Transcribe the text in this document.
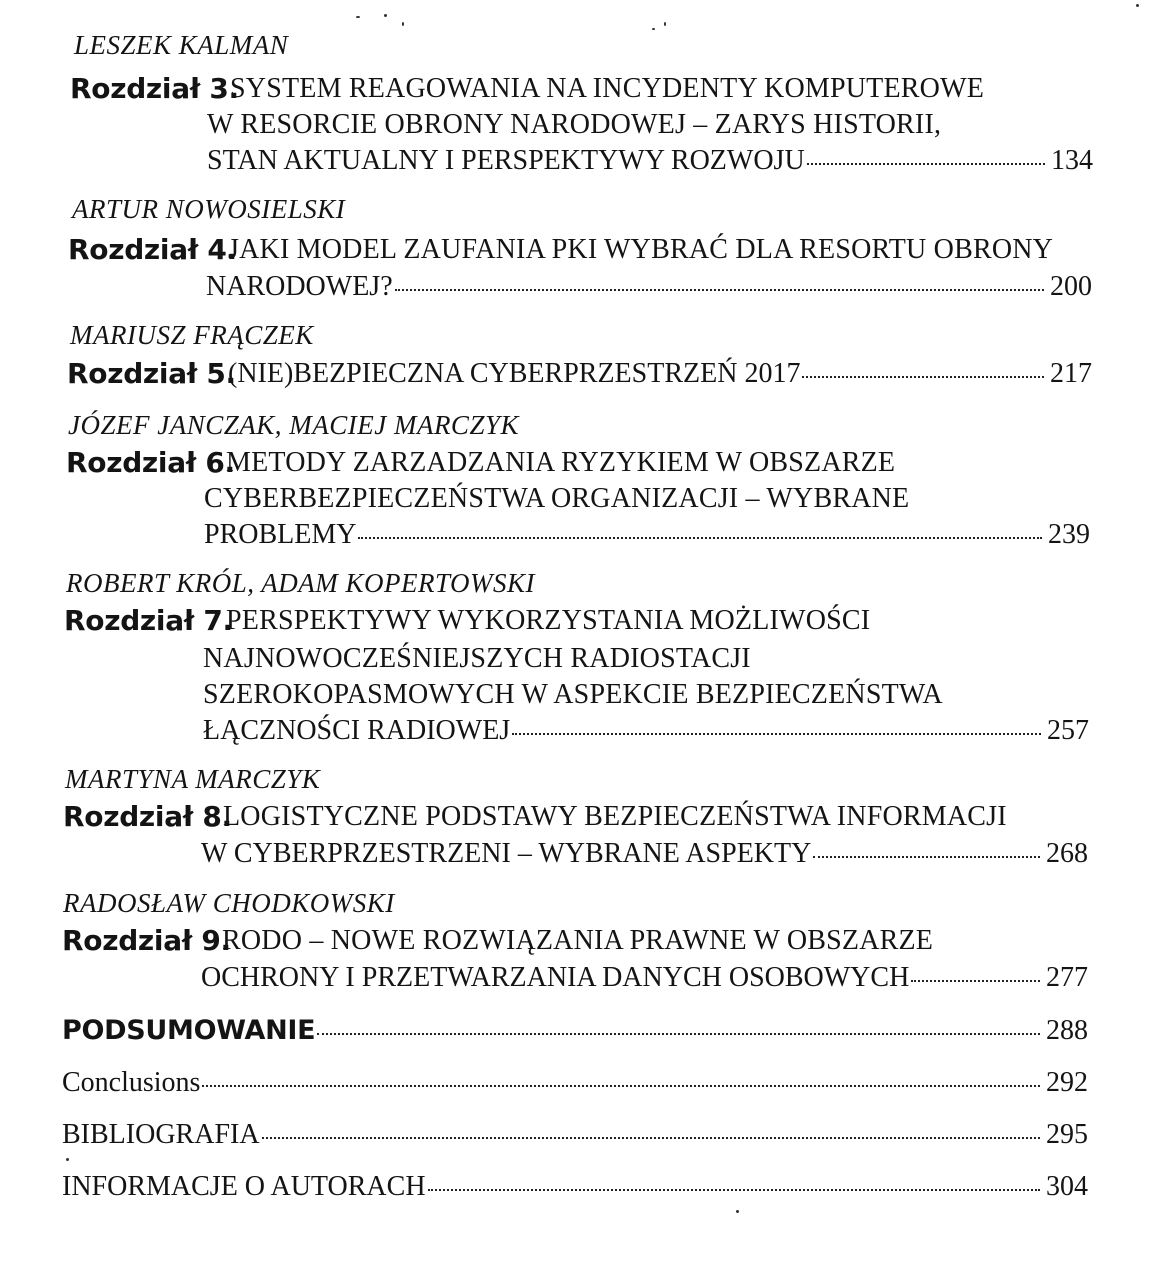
LESZEK KALMAN
Rozdział 3.
SYSTEM REAGOWANIA NA INCYDENTY KOMPUTEROWE
W RESORCIE OBRONY NARODOWEJ – ZARYS HISTORII,
STAN AKTUALNY I PERSPEKTYWY ROZWOJU	134
ARTUR NOWOSIELSKI
Rozdział 4.
JAKI MODEL ZAUFANIA PKI WYBRAĆ DLA RESORTU OBRONY
NARODOWEJ?	200
MARIUSZ FRĄCZEK
Rozdział 5.
(NIE)BEZPIECZNA CYBERPRZESTRZEŃ 2017	217
JÓZEF JANCZAK, MACIEJ MARCZYK
Rozdział 6.
METODY ZARZADZANIA RYZYKIEM W OBSZARZE
CYBERBEZPIECZEŃSTWA ORGANIZACJI – WYBRANE
PROBLEMY	239
ROBERT KRÓL, ADAM KOPERTOWSKI
Rozdział 7.
PERSPEKTYWY WYKORZYSTANIA MOŻLIWOŚCI
NAJNOWOCZEŚNIEJSZYCH RADIOSTACJI
SZEROKOPASMOWYCH W ASPEKCIE BEZPIECZEŃSTWA
ŁĄCZNOŚCI RADIOWEJ	257
MARTYNA MARCZYK
Rozdział 8.
LOGISTYCZNE PODSTAWY BEZPIECZEŃSTWA INFORMACJI
W CYBERPRZESTRZENI – WYBRANE ASPEKTY	268
RADOSŁAW CHODKOWSKI
Rozdział 9.
RODO – NOWE ROZWIĄZANIA PRAWNE W OBSZARZE
OCHRONY I PRZETWARZANIA DANYCH OSOBOWYCH	277
PODSUMOWANIE	288
Conclusions	292
BIBLIOGRAFIA	295
INFORMACJE O AUTORACH	304
